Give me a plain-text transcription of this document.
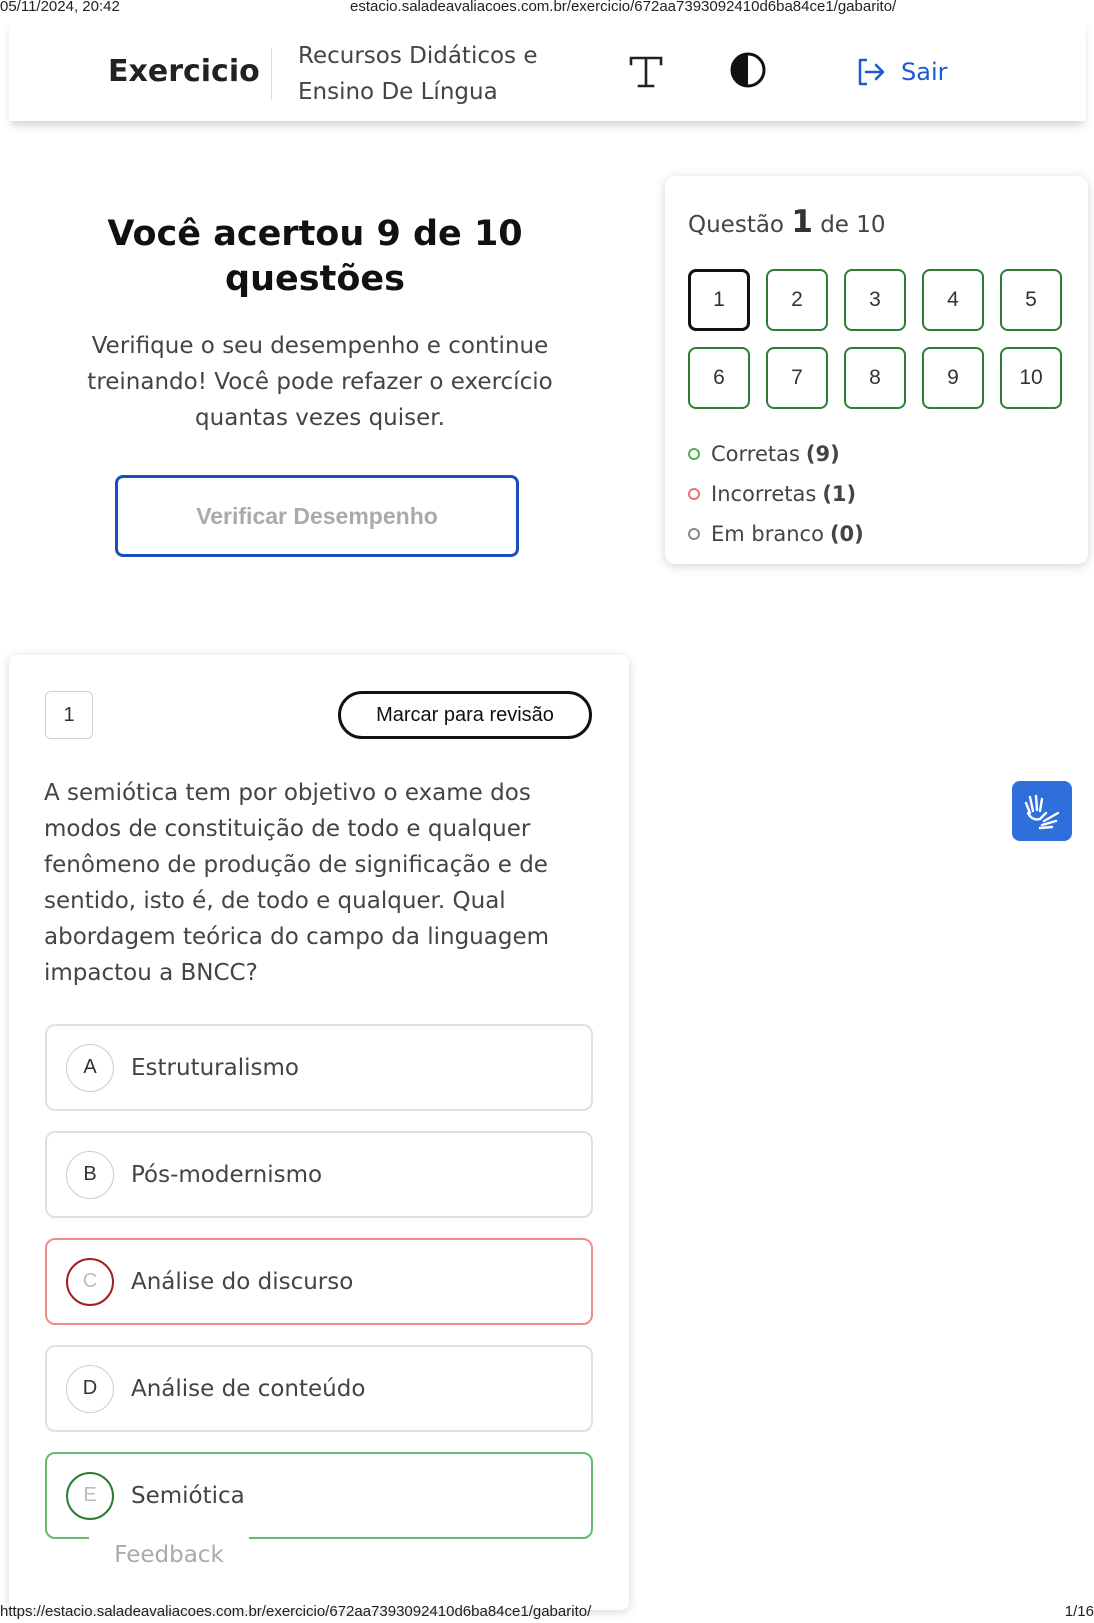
05/11/2024, 20:42	estacio.saladeavaliacoes.com.br/exercicio/672aa7393092410d6ba84ce1/gabarito/
Exercicio Recursos Didáticos e
Ensino De Língua
Sair
Você acertou 9 de 10
questões
Verifique o seu desempenho e continue
treinando! Você pode refazer o exercício
quantas vezes quiser.
Verificar Desempenho
Questão 1 de 10
1	2	3	4	5
6	7	8	9	10
Corretas (9)
Incorretas (1)
Em branco (0)
1	Marcar para revisão
A semiótica tem por objetivo o exame dos modos de constituição de todo e qualquer fenômeno de produção de significação e de sentido, isto é, de todo e qualquer. Qual abordagem teórica do campo da linguagem impactou a BNCC?
A	Estruturalismo
B	Pós-modernismo
C	Análise do discurso
D	Análise de conteúdo
E	Semiótica
Feedback
https://estacio.saladeavaliacoes.com.br/exercicio/672aa7393092410d6ba84ce1/gabarito/	1/16
